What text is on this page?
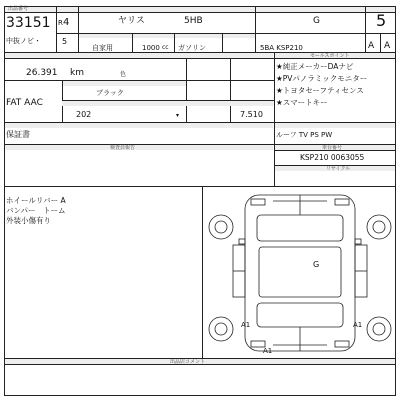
出品番号
33151 R 4	ヤリス	5HB	G	5
中抜ノビ・	5
自家用	1000 cc ガソリン	5BA KSP210	A A
26.391 km	色
ブラック
FAT AAC
202	▾	7.510
保証書
セールスポイント
★純正メーカーDAナビ
★PVパノラミックモニター
★トヨタセーフティセンス
★スマートキー
ルーフ TV PS PW
検査員報告	車台番号
KSP210 0063055
リサイクル
ホイールリバー A
バンパー　トーム
外装小傷有り
G
A1	A1
A1
出品店コメント
